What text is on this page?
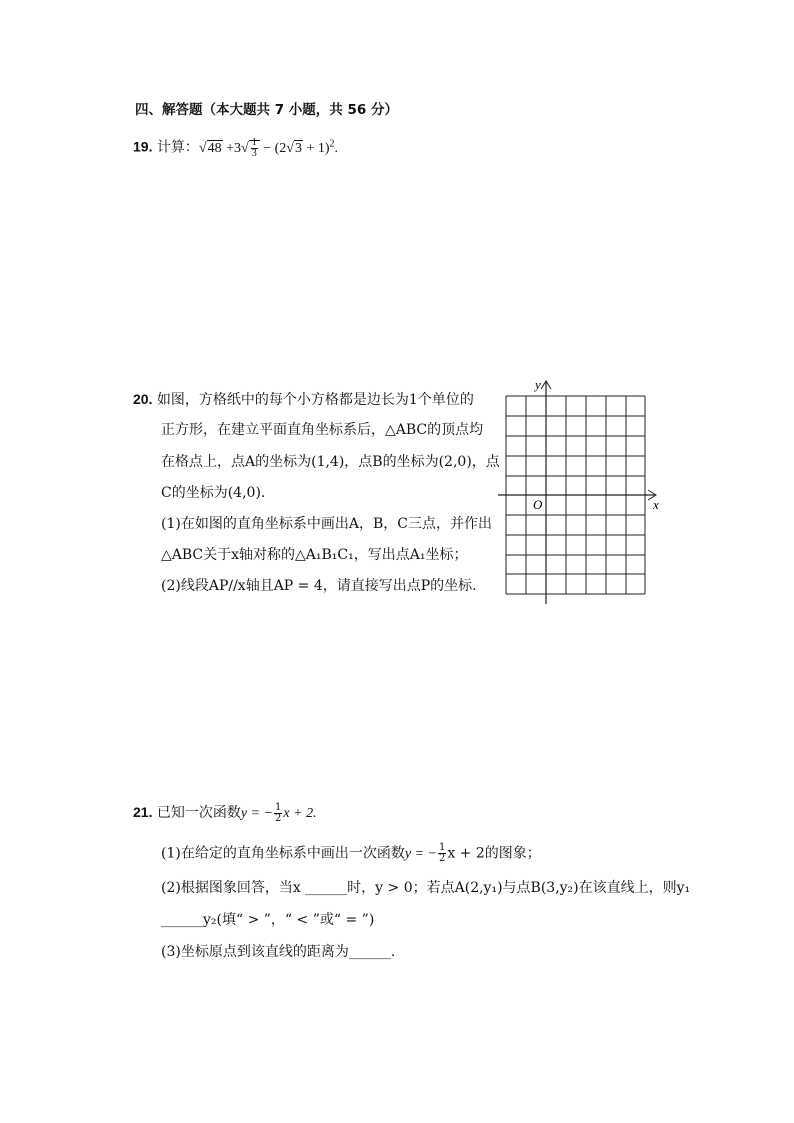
四、解答题（本大题共 7 小题，共 56 分）
19. 计算：$√48 +3√ \frac{1}{3} - (2√3 + 1)^2$.
20. 如图，方格纸中的每个小方格都是边长为1个单位的
正方形，在建立平面直角坐标系后，△ABC的顶点均
在格点上，点A的坐标为(1,4)，点B的坐标为(2,0)，点
C的坐标为(4,0).
(1)在如图的直角坐标系中画出A，B，C三点，并作出
△ABC关于x轴对称的△A₁B₁C₁，写出点A₁坐标；
(2)线段AP//x轴且AP = 4，请直接写出点P的坐标.
x
y
O
21. 已知一次函数y = − $\frac{1}{2}$ x + 2.
(1)在给定的直角坐标系中画出一次函数y = − $\frac{1}{2}$ x + 2的图象；
(2)根据图象回答，当x ______时，y > 0；若点A(2,y₁)与点B(3,y₂)在该直线上，则y₁
______y₂(填“ > ”，“ < ”或“ = ”)
(3)坐标原点到该直线的距离为______.
